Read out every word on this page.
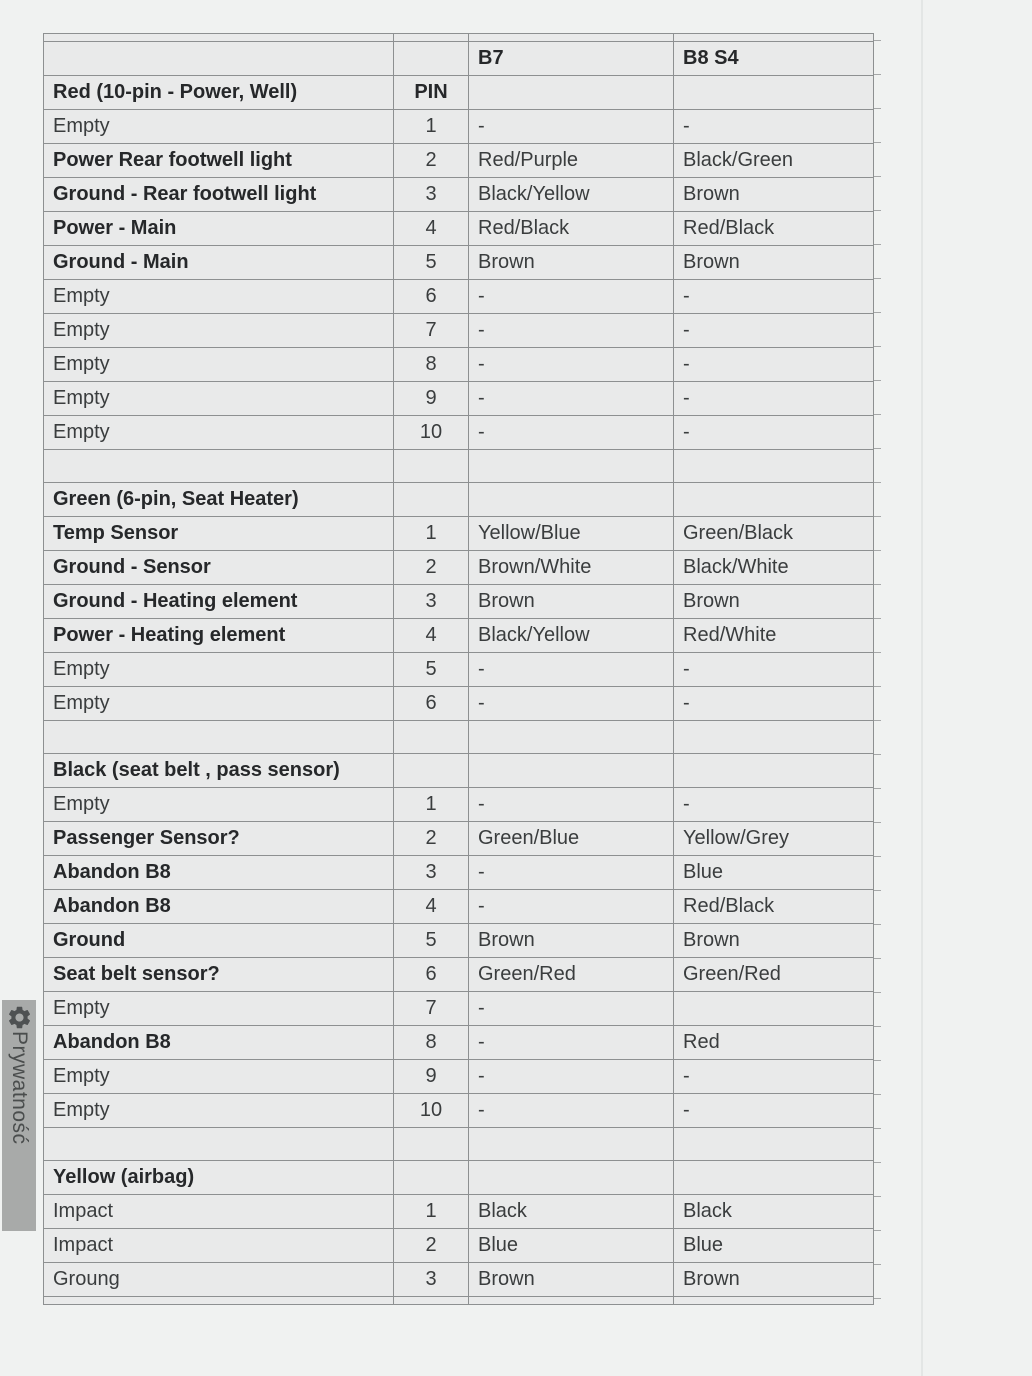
		B7	B8 S4
Red (10-pin - Power, Well)	PIN		
Empty	1	-	-
Power Rear footwell light	2	Red/Purple	Black/Green
Ground - Rear footwell light	3	Black/Yellow	Brown
Power - Main	4	Red/Black	Red/Black
Ground - Main	5	Brown	Brown
Empty	6	-	-
Empty	7	-	-
Empty	8	-	-
Empty	9	-	-
Empty	10	-	-

Green (6-pin, Seat Heater)			
Temp Sensor	1	Yellow/Blue	Green/Black
Ground - Sensor	2	Brown/White	Black/White
Ground - Heating element	3	Brown	Brown
Power - Heating element	4	Black/Yellow	Red/White
Empty	5	-	-
Empty	6	-	-

Black (seat belt , pass sensor)			
Empty	1	-	-
Passenger Sensor?	2	Green/Blue	Yellow/Grey
Abandon B8	3	-	Blue
Abandon B8	4	-	Red/Black
Ground	5	Brown	Brown
Seat belt sensor?	6	Green/Red	Green/Red
Empty	7	-	
Abandon B8	8	-	Red
Empty	9	-	-
Empty	10	-	-

Yellow (airbag)			
Impact	1	Black	Black
Impact	2	Blue	Blue
Groung	3	Brown	Brown

Prywatność
